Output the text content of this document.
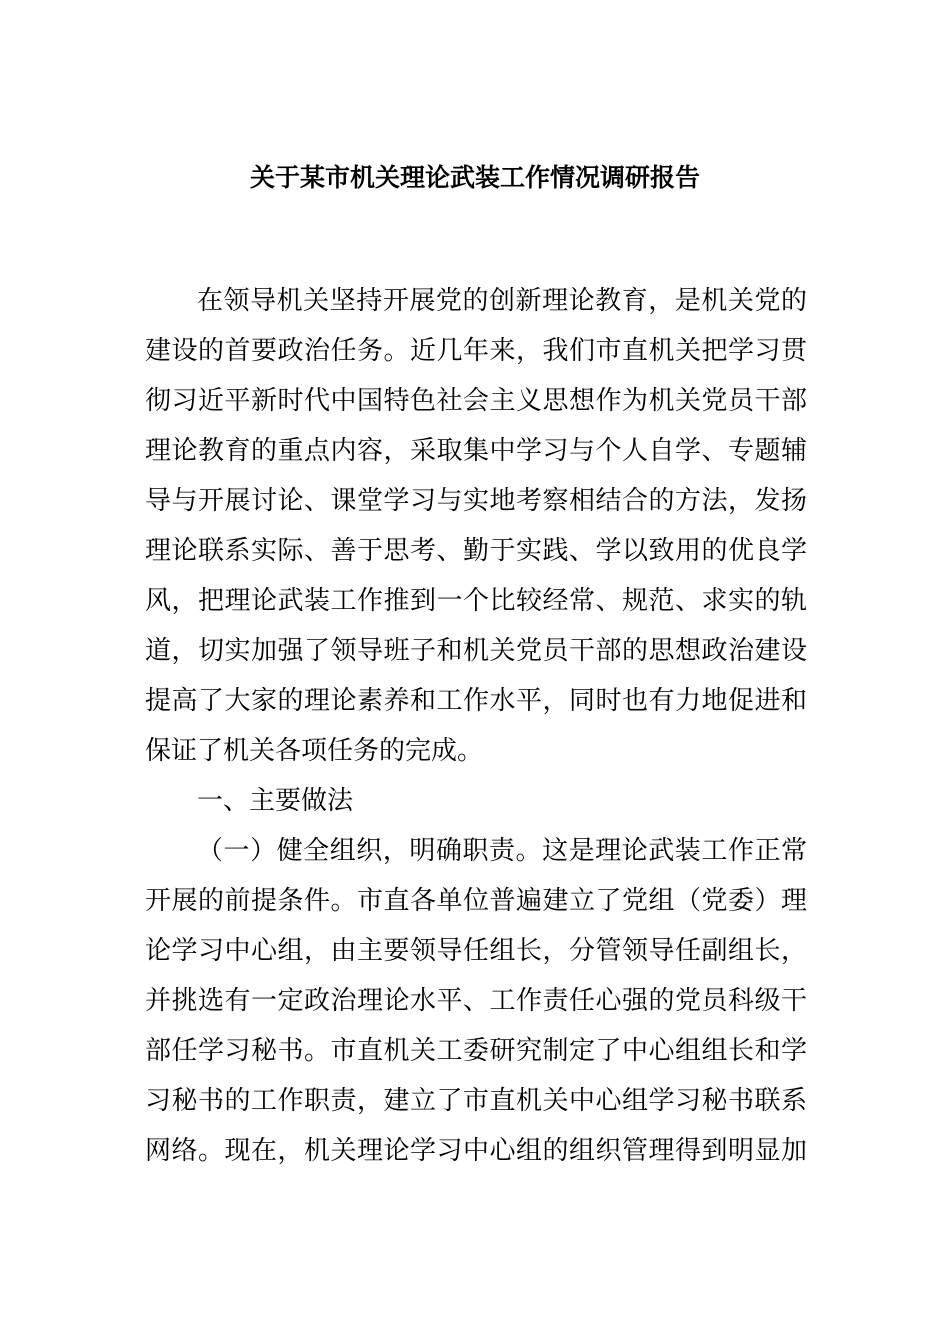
关于某市机关理论武装工作情况调研报告
在领导机关坚持开展党的创新理论教育，是机关党的
建设的首要政治任务。近几年来，我们市直机关把学习贯
彻习近平新时代中国特色社会主义思想作为机关党员干部
理论教育的重点内容，采取集中学习与个人自学、专题辅
导与开展讨论、课堂学习与实地考察相结合的方法，发扬
理论联系实际、善于思考、勤于实践、学以致用的优良学
风，把理论武装工作推到一个比较经常、规范、求实的轨
道，切实加强了领导班子和机关党员干部的思想政治建设
提高了大家的理论素养和工作水平，同时也有力地促进和
保证了机关各项任务的完成。
一、主要做法
（一）健全组织，明确职责。这是理论武装工作正常
开展的前提条件。市直各单位普遍建立了党组（党委）理
论学习中心组，由主要领导任组长，分管领导任副组长，
并挑选有一定政治理论水平、工作责任心强的党员科级干
部任学习秘书。市直机关工委研究制定了中心组组长和学
习秘书的工作职责，建立了市直机关中心组学习秘书联系
网络。现在，机关理论学习中心组的组织管理得到明显加
